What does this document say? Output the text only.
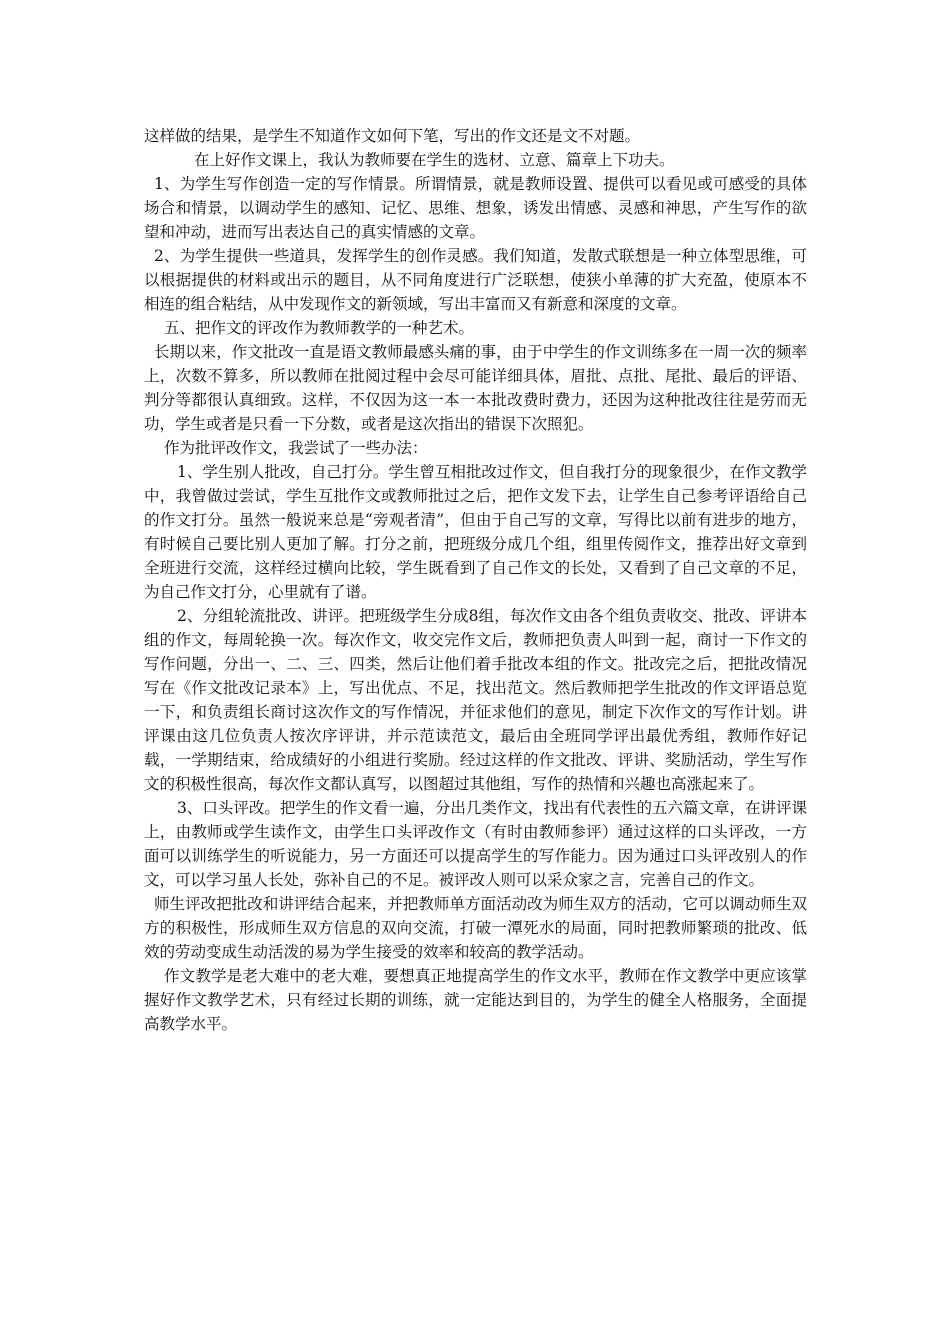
这样做的结果，是学生不知道作文如何下笔，写出的作文还是文不对题。

在上好作文课上，我认为教师要在学生的选材、立意、篇章上下功夫。

1、为学生写作创造一定的写作情景。所谓情景，就是教师设置、提供可以看见或可感受的具体场合和情景，以调动学生的感知、记忆、思维、想象，诱发出情感、灵感和神思，产生写作的欲望和冲动，进而写出表达自己的真实情感的文章。

2、为学生提供一些道具，发挥学生的创作灵感。我们知道，发散式联想是一种立体型思维，可以根据提供的材料或出示的题目，从不同角度进行广泛联想，使狭小单薄的扩大充盈，使原本不相连的组合粘结，从中发现作文的新领域，写出丰富而又有新意和深度的文章。

五、把作文的评改作为教师教学的一种艺术。

长期以来，作文批改一直是语文教师最感头痛的事，由于中学生的作文训练多在一周一次的频率上，次数不算多，所以教师在批阅过程中会尽可能详细具体，眉批、点批、尾批、最后的评语、判分等都很认真细致。这样，不仅因为这一本一本批改费时费力，还因为这种批改往往是劳而无功，学生或者是只看一下分数，或者是这次指出的错误下次照犯。

作为批评改作文，我尝试了一些办法：

1、学生别人批改，自己打分。学生曾互相批改过作文，但自我打分的现象很少，在作文教学中，我曾做过尝试，学生互批作文或教师批过之后，把作文发下去，让学生自己参考评语给自己的作文打分。虽然一般说来总是“旁观者清”，但由于自己写的文章，写得比以前有进步的地方，有时候自己要比别人更加了解。打分之前，把班级分成几个组，组里传阅作文，推荐出好文章到全班进行交流，这样经过横向比较，学生既看到了自己作文的长处，又看到了自己文章的不足，为自己作文打分，心里就有了谱。

2、分组轮流批改、讲评。把班级学生分成8组，每次作文由各个组负责收交、批改、评讲本组的作文，每周轮换一次。每次作文，收交完作文后，教师把负责人叫到一起，商讨一下作文的写作问题，分出一、二、三、四类，然后让他们着手批改本组的作文。批改完之后，把批改情况写在《作文批改记录本》上，写出优点、不足，找出范文。然后教师把学生批改的作文评语总览一下，和负责组长商讨这次作文的写作情况，并征求他们的意见，制定下次作文的写作计划。讲评课由这几位负责人按次序评讲，并示范读范文，最后由全班同学评出最优秀组，教师作好记载，一学期结束，给成绩好的小组进行奖励。经过这样的作文批改、评讲、奖励活动，学生写作文的积极性很高，每次作文都认真写，以图超过其他组，写作的热情和兴趣也高涨起来了。

3、口头评改。把学生的作文看一遍，分出几类作文，找出有代表性的五六篇文章，在讲评课上，由教师或学生读作文，由学生口头评改作文（有时由教师参评）通过这样的口头评改，一方面可以训练学生的听说能力，另一方面还可以提高学生的写作能力。因为通过口头评改别人的作文，可以学习虽人长处，弥补自己的不足。被评改人则可以采众家之言，完善自己的作文。

师生评改把批改和讲评结合起来，并把教师单方面活动改为师生双方的活动，它可以调动师生双方的积极性，形成师生双方信息的双向交流，打破一潭死水的局面，同时把教师繁琐的批改、低效的劳动变成生动活泼的易为学生接受的效率和较高的教学活动。

作文教学是老大难中的老大难，要想真正地提高学生的作文水平，教师在作文教学中更应该掌握好作文教学艺术，只有经过长期的训练，就一定能达到目的，为学生的健全人格服务，全面提高教学水平。
